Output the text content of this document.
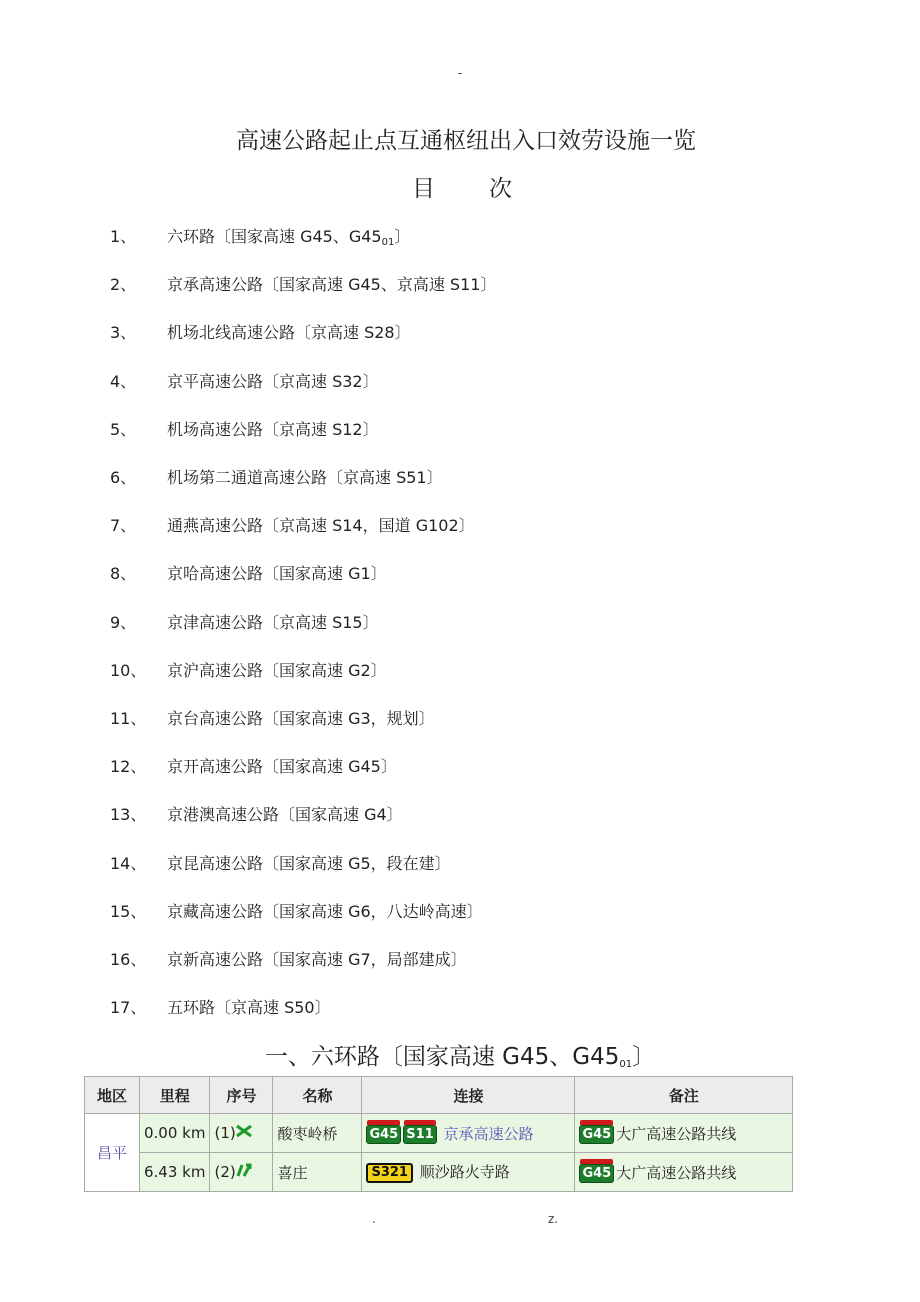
-
高速公路起止点互通枢纽出入口效劳设施一览
目 次
1、 六环路〔国家高速 G45、$G45_{01}$〕
2、 京承高速公路〔国家高速 G45、京高速 S11〕
3、 机场北线高速公路〔京高速 S28〕
4、 京平高速公路〔京高速 S32〕
5、 机场高速公路〔京高速 S12〕
6、 机场第二通道高速公路〔京高速 S51〕
7、 通燕高速公路〔京高速 S14，国道 G102〕
8、 京哈高速公路〔国家高速 G1〕
9、 京津高速公路〔京高速 S15〕
10、 京沪高速公路〔国家高速 G2〕
11、 京台高速公路〔国家高速 G3，规划〕
12、 京开高速公路〔国家高速 G45〕
13、 京港澳高速公路〔国家高速 G4〕
14、 京昆高速公路〔国家高速 G5，段在建〕
15、 京藏高速公路〔国家高速 G6，八达岭高速〕
16、 京新高速公路〔国家高速 G7，局部建成〕
17、 五环路〔京高速 S50〕
一、六环路〔国家高速 G45、$G45_{01}$〕
地区	里程	序号	名称	连接	备注
昌平	0.00 km	(1)	酸枣岭桥	G45 S11 京承高速公路	G45 大广高速公路共线
	6.43 km	(2)	喜庄	S321 顺沙路火寺路	G45 大广高速公路共线
.	z.
